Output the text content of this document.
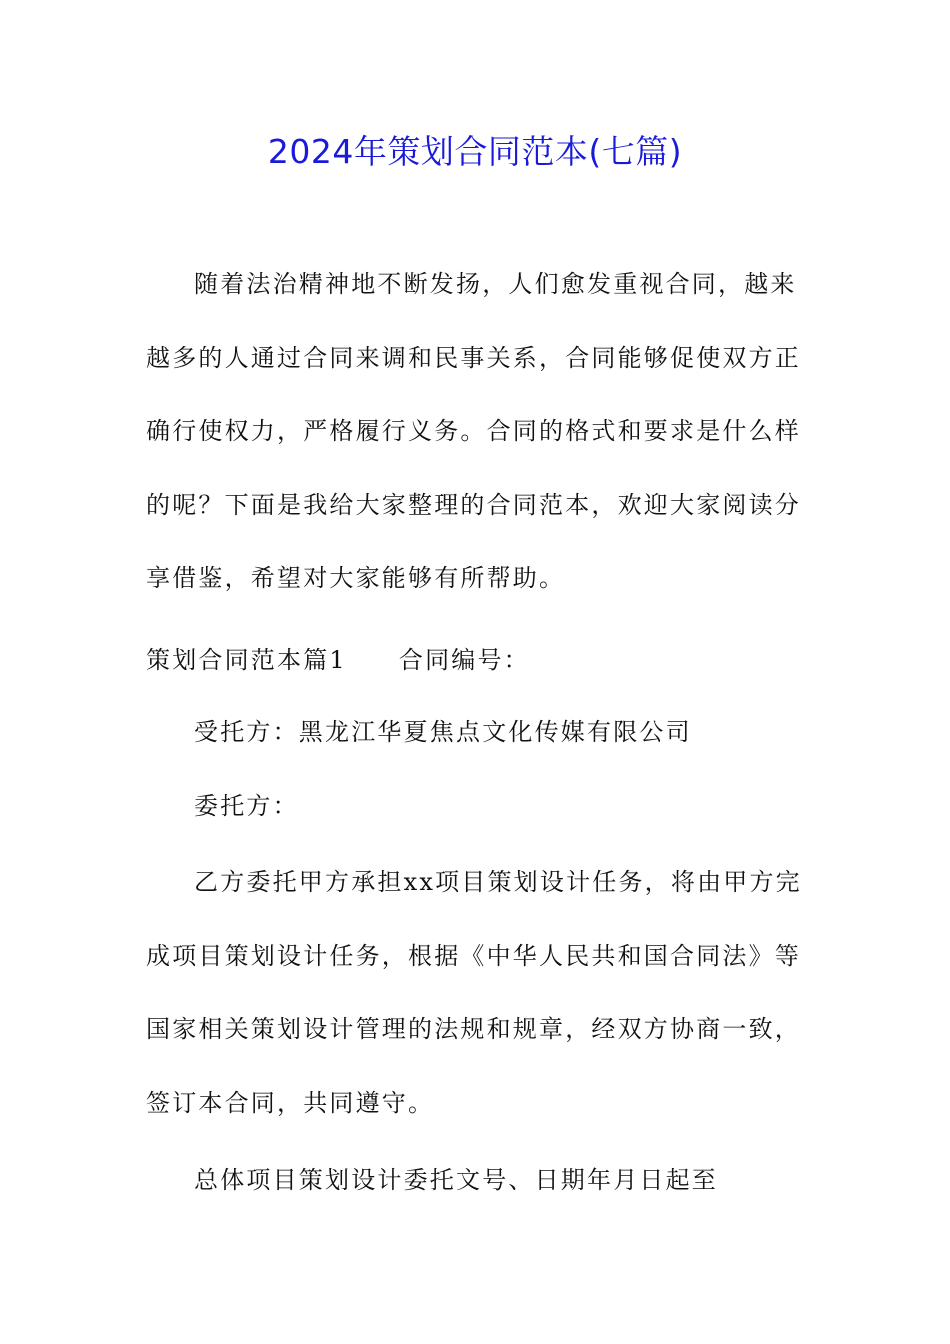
2024年策划合同范本(七篇)

随着法治精神地不断发扬，人们愈发重视合同，越来越多的人通过合同来调和民事关系，合同能够促使双方正确行使权力，严格履行义务。合同的格式和要求是什么样的呢？下面是我给大家整理的合同范本，欢迎大家阅读分享借鉴，希望对大家能够有所帮助。

策划合同范本篇1 合同编号：

受托方：黑龙江华夏焦点文化传媒有限公司

委托方：

乙方委托甲方承担xx项目策划设计任务，将由甲方完成项目策划设计任务，根据《中华人民共和国合同法》等国家相关策划设计管理的法规和规章，经双方协商一致，签订本合同，共同遵守。

总体项目策划设计委托文号、日期年月日起至
